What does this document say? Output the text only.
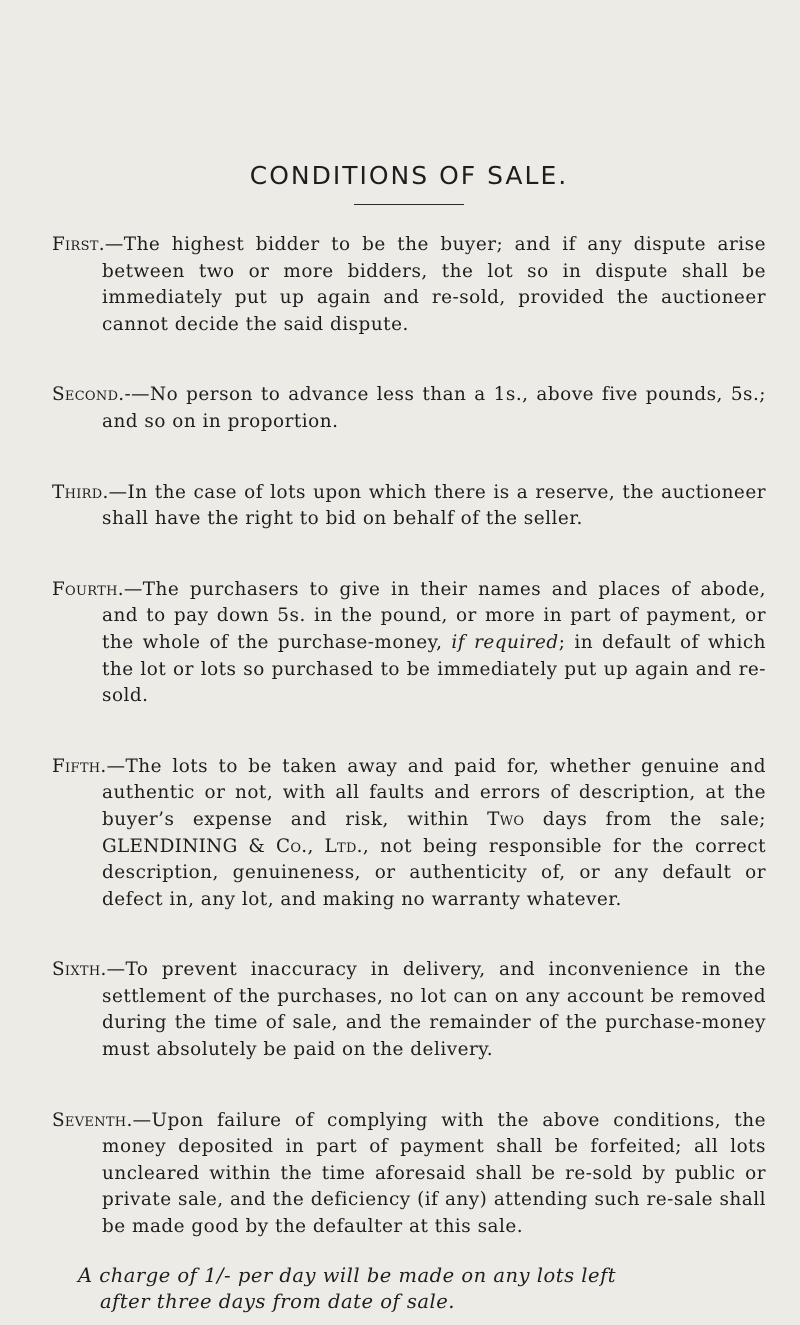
CONDITIONS OF SALE.

First.—The highest bidder to be the buyer; and if any dispute arise between two or more bidders, the lot so in dispute shall be immediately put up again and re-sold, provided the auctioneer cannot decide the said dispute.

Second.-—No person to advance less than a 1s., above five pounds, 5s.; and so on in proportion.

Third.—In the case of lots upon which there is a reserve, the auctioneer shall have the right to bid on behalf of the seller.

Fourth.—The purchasers to give in their names and places of abode, and to pay down 5s. in the pound, or more in part of payment, or the whole of the purchase-money, if required; in default of which the lot or lots so purchased to be immediately put up again and re-sold.

Fifth.—The lots to be taken away and paid for, whether genuine and authentic or not, with all faults and errors of description, at the buyer’s expense and risk, within Two days from the sale; GLENDINING & Co., Ltd., not being responsible for the correct description, genuineness, or authenticity of, or any default or defect in, any lot, and making no warranty whatever.

Sixth.—To prevent inaccuracy in delivery, and inconvenience in the settlement of the purchases, no lot can on any account be removed during the time of sale, and the remainder of the purchase-money must absolutely be paid on the delivery.

Seventh.—Upon failure of complying with the above conditions, the money deposited in part of payment shall be forfeited; all lots uncleared within the time aforesaid shall be re-sold by public or private sale, and the deficiency (if any) attending such re-sale shall be made good by the defaulter at this sale.

A charge of 1/- per day will be made on any lots left
after three days from date of sale.
